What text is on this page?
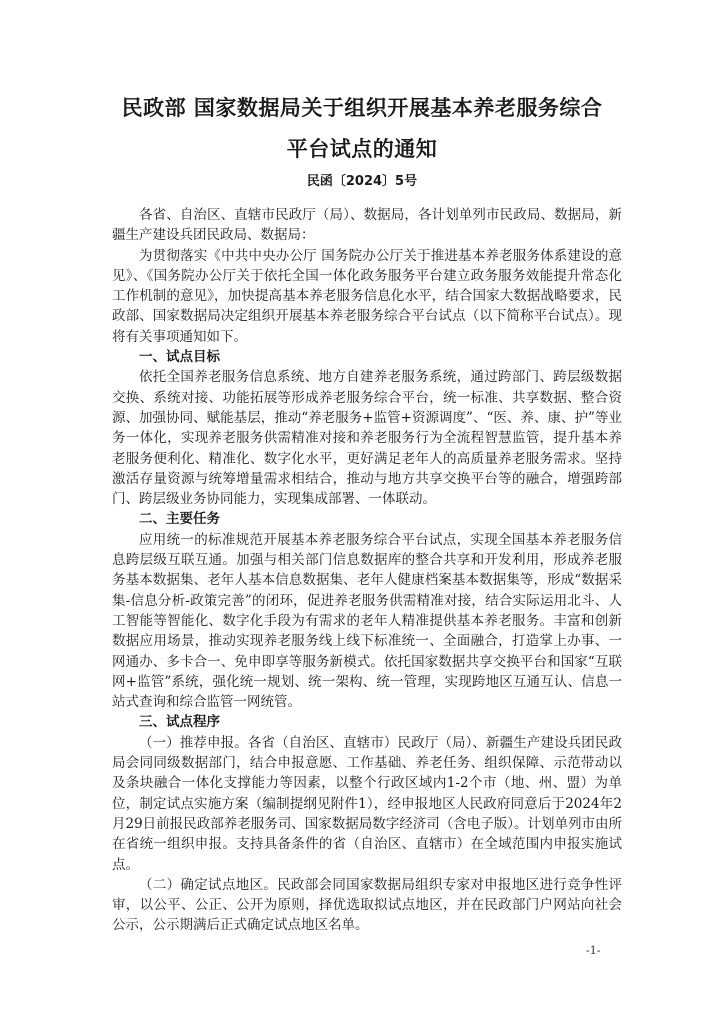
民政部 国家数据局关于组织开展基本养老服务综合
平台试点的通知
民函〔2024〕5号

各省、自治区、直辖市民政厅（局）、数据局，各计划单列市民政局、数据局，新疆生产建设兵团民政局、数据局：

为贯彻落实《中共中央办公厅 国务院办公厅关于推进基本养老服务体系建设的意见》、《国务院办公厅关于依托全国一体化政务服务平台建立政务服务效能提升常态化工作机制的意见》，加快提高基本养老服务信息化水平，结合国家大数据战略要求，民政部、国家数据局决定组织开展基本养老服务综合平台试点（以下简称平台试点）。现将有关事项通知如下。

一、试点目标

依托全国养老服务信息系统、地方自建养老服务系统，通过跨部门、跨层级数据交换、系统对接、功能拓展等形成养老服务综合平台，统一标准、共享数据、整合资源、加强协同、赋能基层，推动“养老服务+监管+资源调度”、“医、养、康、护”等业务一体化，实现养老服务供需精准对接和养老服务行为全流程智慧监管，提升基本养老服务便利化、精准化、数字化水平，更好满足老年人的高质量养老服务需求。坚持激活存量资源与统筹增量需求相结合，推动与地方共享交换平台等的融合，增强跨部门、跨层级业务协同能力，实现集成部署、一体联动。

二、主要任务

应用统一的标准规范开展基本养老服务综合平台试点，实现全国基本养老服务信息跨层级互联互通。加强与相关部门信息数据库的整合共享和开发利用，形成养老服务基本数据集、老年人基本信息数据集、老年人健康档案基本数据集等，形成“数据采集-信息分析-政策完善”的闭环，促进养老服务供需精准对接，结合实际运用北斗、人工智能等智能化、数字化手段为有需求的老年人精准提供基本养老服务。丰富和创新数据应用场景，推动实现养老服务线上线下标准统一、全面融合，打造掌上办事、一网通办、多卡合一、免申即享等服务新模式。依托国家数据共享交换平台和国家“互联网+监管”系统，强化统一规划、统一架构、统一管理，实现跨地区互通互认、信息一站式查询和综合监管一网统管。

三、试点程序

（一）推荐申报。各省（自治区、直辖市）民政厅（局）、新疆生产建设兵团民政局会同同级数据部门，结合申报意愿、工作基础、养老任务、组织保障、示范带动以及条块融合一体化支撑能力等因素，以整个行政区域内1-2个市（地、州、盟）为单位，制定试点实施方案（编制提纲见附件1），经申报地区人民政府同意后于2024年2月29日前报民政部养老服务司、国家数据局数字经济司（含电子版）。计划单列市由所在省统一组织申报。支持具备条件的省（自治区、直辖市）在全域范围内申报实施试点。

（二）确定试点地区。民政部会同国家数据局组织专家对申报地区进行竞争性评审，以公平、公正、公开为原则，择优选取拟试点地区，并在民政部门户网站向社会公示，公示期满后正式确定试点地区名单。

-1-
